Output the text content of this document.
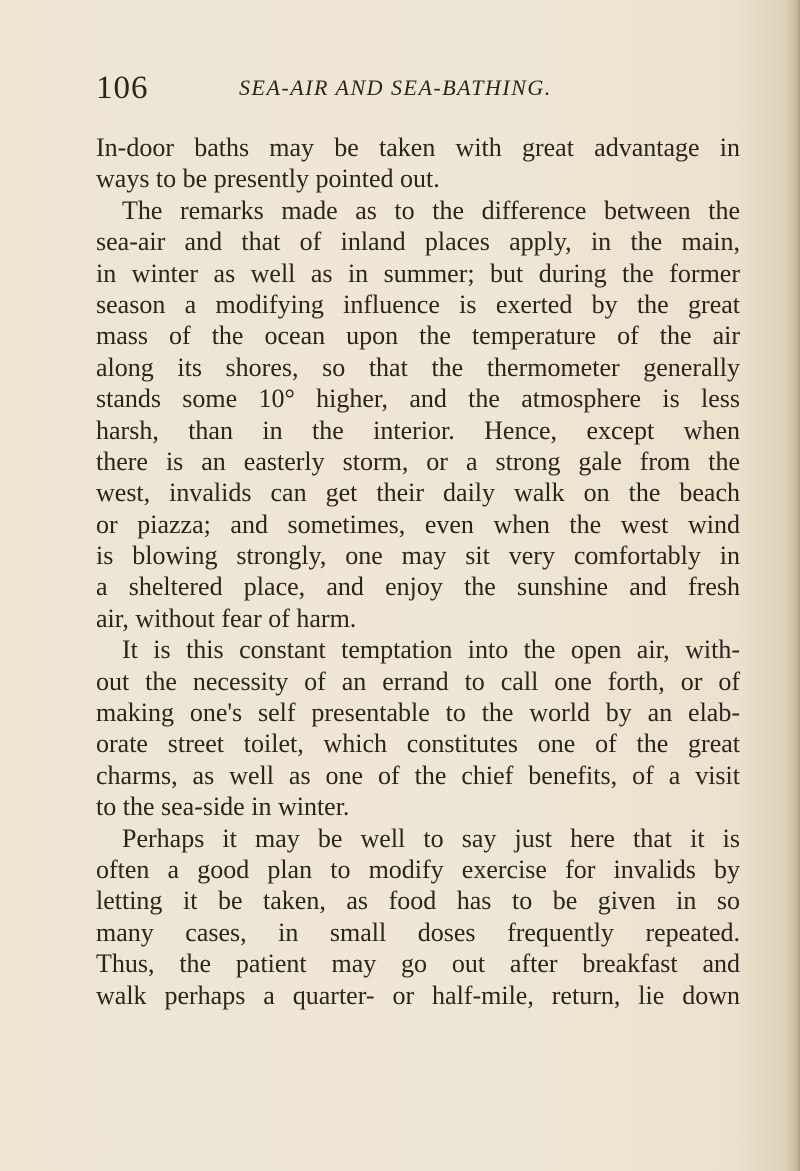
106	SEA-AIR AND SEA-BATHING.
In-door baths may be taken with great advantage in
ways to be presently pointed out.
The remarks made as to the difference between the
sea-air and that of inland places apply, in the main,
in winter as well as in summer; but during the former
season a modifying influence is exerted by the great
mass of the ocean upon the temperature of the air
along its shores, so that the thermometer generally
stands some 10° higher, and the atmosphere is less
harsh, than in the interior. Hence, except when
there is an easterly storm, or a strong gale from the
west, invalids can get their daily walk on the beach
or piazza; and sometimes, even when the west wind
is blowing strongly, one may sit very comfortably in
a sheltered place, and enjoy the sunshine and fresh
air, without fear of harm.
It is this constant temptation into the open air, with-
out the necessity of an errand to call one forth, or of
making one's self presentable to the world by an elab-
orate street toilet, which constitutes one of the great
charms, as well as one of the chief benefits, of a visit
to the sea-side in winter.
Perhaps it may be well to say just here that it is
often a good plan to modify exercise for invalids by
letting it be taken, as food has to be given in so
many cases, in small doses frequently repeated.
Thus, the patient may go out after breakfast and
walk perhaps a quarter- or half-mile, return, lie down
